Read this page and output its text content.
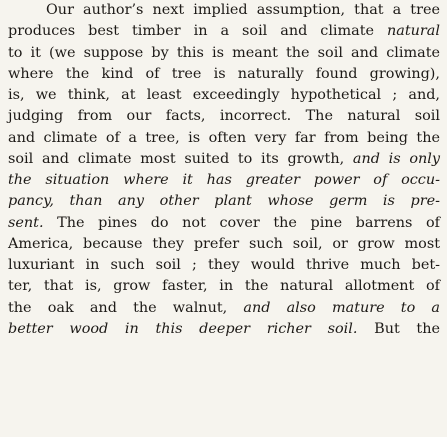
Our author’s next implied assumption, that a tree
produces best timber in a soil and climate natural
to it (we suppose by this is meant the soil and climate
where the kind of tree is naturally found growing),
is, we think, at least exceedingly hypothetical ; and,
judging from our facts, incorrect. The natural soil
and climate of a tree, is often very far from being the
soil and climate most suited to its growth, and is only
the situation where it has greater power of occu-
pancy, than any other plant whose germ is pre-
sent. The pines do not cover the pine barrens of
America, because they prefer such soil, or grow most
luxuriant in such soil ; they would thrive much bet-
ter, that is, grow faster, in the natural allotment of
the oak and the walnut, and also mature to a
better wood in this deeper richer soil. But the
